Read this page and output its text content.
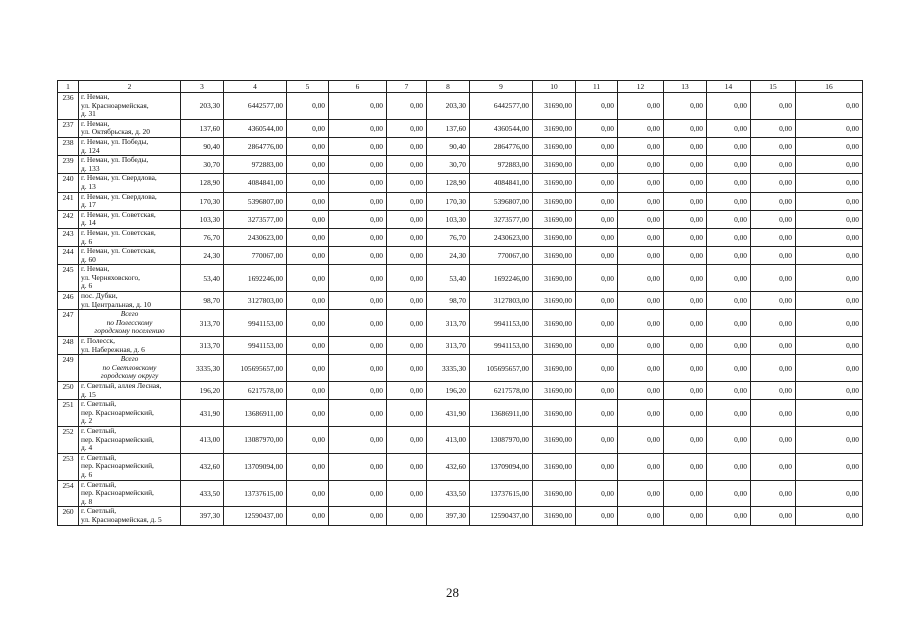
1	2	3	4	5	6	7	8	9	10	11	12	13	14	15	16
236	г. Неман,
ул. Красноармейская,
д. 31	203,30	6442577,00	0,00	0,00	0,00	203,30	6442577,00	31690,00	0,00	0,00	0,00	0,00	0,00	0,00
237	г. Неман,
ул. Октябрьская, д. 20	137,60	4360544,00	0,00	0,00	0,00	137,60	4360544,00	31690,00	0,00	0,00	0,00	0,00	0,00	0,00
238	г. Неман, ул. Победы,
д. 124	90,40	2864776,00	0,00	0,00	0,00	90,40	2864776,00	31690,00	0,00	0,00	0,00	0,00	0,00	0,00
239	г. Неман, ул. Победы,
д. 133	30,70	972883,00	0,00	0,00	0,00	30,70	972883,00	31690,00	0,00	0,00	0,00	0,00	0,00	0,00
240	г. Неман, ул. Свердлова,
д. 13	128,90	4084841,00	0,00	0,00	0,00	128,90	4084841,00	31690,00	0,00	0,00	0,00	0,00	0,00	0,00
241	г. Неман, ул. Свердлова,
д. 17	170,30	5396807,00	0,00	0,00	0,00	170,30	5396807,00	31690,00	0,00	0,00	0,00	0,00	0,00	0,00
242	г. Неман, ул. Советская,
д. 14	103,30	3273577,00	0,00	0,00	0,00	103,30	3273577,00	31690,00	0,00	0,00	0,00	0,00	0,00	0,00
243	г. Неман, ул. Советская,
д. 6	76,70	2430623,00	0,00	0,00	0,00	76,70	2430623,00	31690,00	0,00	0,00	0,00	0,00	0,00	0,00
244	г. Неман, ул. Советская,
д. 60	24,30	770067,00	0,00	0,00	0,00	24,30	770067,00	31690,00	0,00	0,00	0,00	0,00	0,00	0,00
245	г. Неман,
ул. Черняховского,
д. 6	53,40	1692246,00	0,00	0,00	0,00	53,40	1692246,00	31690,00	0,00	0,00	0,00	0,00	0,00	0,00
246	пос. Дубки,
ул. Центральная, д. 10	98,70	3127803,00	0,00	0,00	0,00	98,70	3127803,00	31690,00	0,00	0,00	0,00	0,00	0,00	0,00
247	Всего
по Полесскому
городскому поселению	313,70	9941153,00	0,00	0,00	0,00	313,70	9941153,00	31690,00	0,00	0,00	0,00	0,00	0,00	0,00
248	г. Полесск,
ул. Набережная, д. 6	313,70	9941153,00	0,00	0,00	0,00	313,70	9941153,00	31690,00	0,00	0,00	0,00	0,00	0,00	0,00
249	Всего
по Светловскому
городскому округу	3335,30	105695657,00	0,00	0,00	0,00	3335,30	105695657,00	31690,00	0,00	0,00	0,00	0,00	0,00	0,00
250	г. Светлый, аллея Лесная,
д. 15	196,20	6217578,00	0,00	0,00	0,00	196,20	6217578,00	31690,00	0,00	0,00	0,00	0,00	0,00	0,00
251	г. Светлый,
пер. Красноармейский,
д. 2	431,90	13686911,00	0,00	0,00	0,00	431,90	13686911,00	31690,00	0,00	0,00	0,00	0,00	0,00	0,00
252	г. Светлый,
пер. Красноармейский,
д. 4	413,00	13087970,00	0,00	0,00	0,00	413,00	13087970,00	31690,00	0,00	0,00	0,00	0,00	0,00	0,00
253	г. Светлый,
пер. Красноармейский,
д. 6	432,60	13709094,00	0,00	0,00	0,00	432,60	13709094,00	31690,00	0,00	0,00	0,00	0,00	0,00	0,00
254	г. Светлый,
пер. Красноармейский,
д. 8	433,50	13737615,00	0,00	0,00	0,00	433,50	13737615,00	31690,00	0,00	0,00	0,00	0,00	0,00	0,00
260	г. Светлый,
ул. Красноармейская, д. 5	397,30	12590437,00	0,00	0,00	0,00	397,30	12590437,00	31690,00	0,00	0,00	0,00	0,00	0,00	0,00
28
